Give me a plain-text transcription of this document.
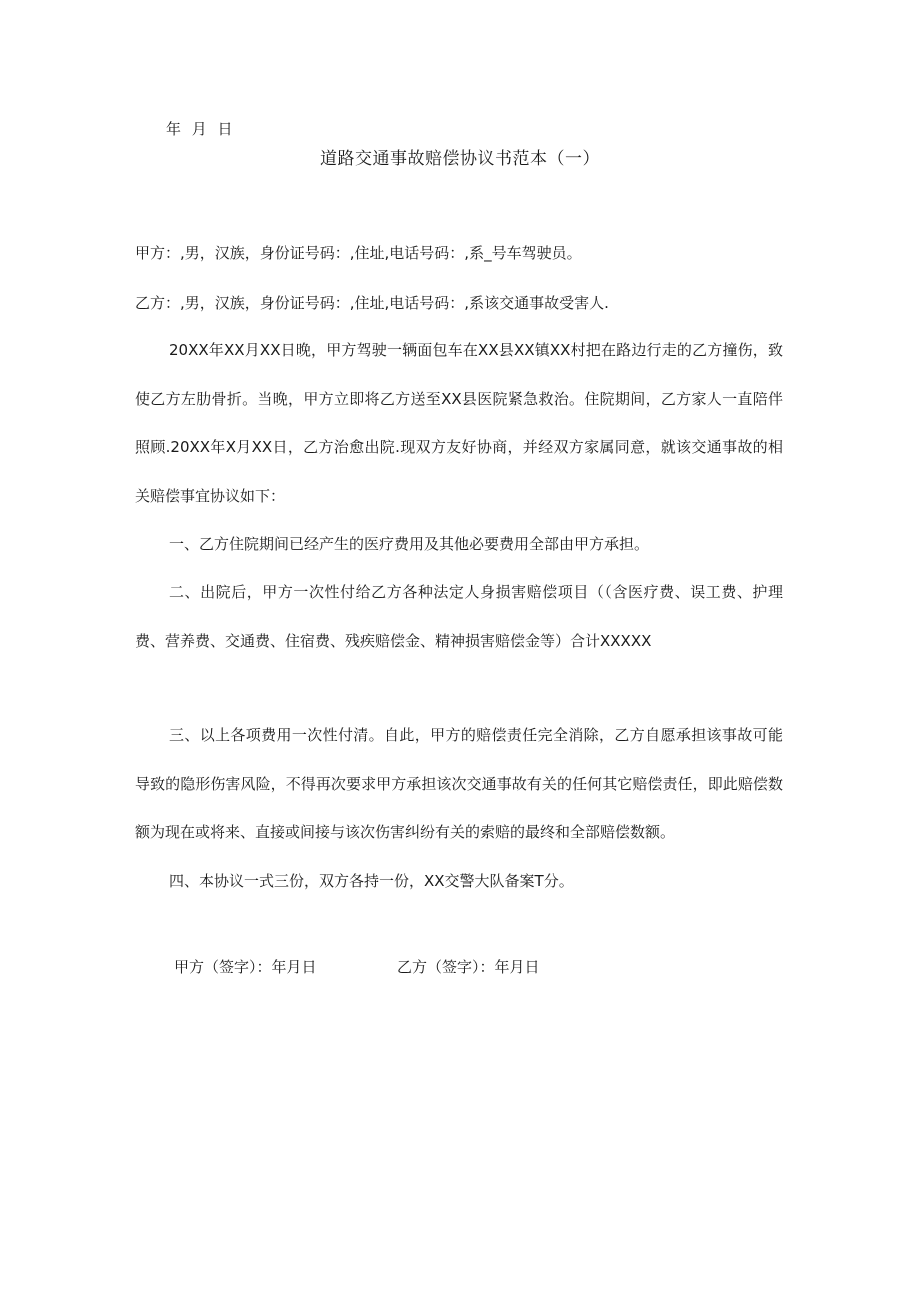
年 月 日
道路交通事故赔偿协议书范本（一）
甲方：,男，汉族，身份证号码：,住址,电话号码：,系_号车驾驶员。
乙方：,男，汉族，身份证号码：,住址,电话号码：,系该交通事故受害人.
20XX年XX月XX日晚，甲方驾驶一辆面包车在XX县XX镇XX村把在路边行走的乙方撞伤，致使乙方左肋骨折。当晚，甲方立即将乙方送至XX县医院紧急救治。住院期间，乙方家人一直陪伴照顾.20XX年X月XX日，乙方治愈出院.现双方友好协商，并经双方家属同意，就该交通事故的相关赔偿事宜协议如下：
一、乙方住院期间已经产生的医疗费用及其他必要费用全部由甲方承担。
二、出院后，甲方一次性付给乙方各种法定人身损害赔偿项目（（含医疗费、误工费、护理费、营养费、交通费、住宿费、残疾赔偿金、精神损害赔偿金等）合计XXXXX
三、以上各项费用一次性付清。自此，甲方的赔偿责任完全消除，乙方自愿承担该事故可能导致的隐形伤害风险，不得再次要求甲方承担该次交通事故有关的任何其它赔偿责任，即此赔偿数额为现在或将来、直接或间接与该次伤害纠纷有关的索赔的最终和全部赔偿数额。
四、本协议一式三份，双方各持一份，XX交警大队备案T分。
甲方（签字）：年月日	乙方（签字）：年月日
